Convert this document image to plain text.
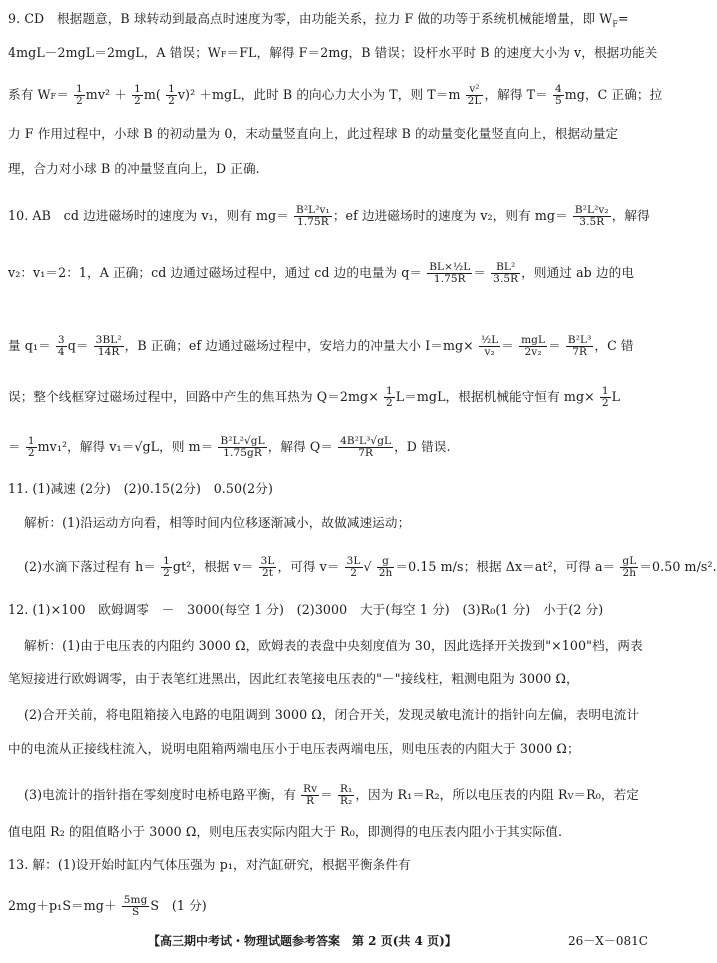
9. CD　根据题意，B 球转动到最高点时速度为零，由功能关系，拉力 F 做的功等于系统机械能增量，即 $W_F=$
4mgL－2mgL＝2mgL，A 错误；WF＝FL，解得 F＝2mg，B 错误；设杆水平时 B 的速度大小为 v，根据功能关
系有 $WF= \frac{1}{2} mv^2 + \frac{1}{2} m( \frac{1}{2} v)^2 +mgL$，此时 B 的向心力大小为 T，则 $T=m \frac{\text{v²}}{2L}$ ，解得 $T= \frac{4}{5}$ mg，C 正确；拉
力 F 作用过程中，小球 B 的初动量为 0，末动量竖直向上，此过程球 B 的动量变化量竖直向上，根据动量定
理，合力对小球 B 的冲量竖直向上，D 正确.
10. AB　cd 边进磁场时的速度为 v₁，则有 $mg= \frac{\text{B²L²v₁}}{1.75R}$ ；ef 边进磁场时的速度为 v₂，则有 $mg= \frac{\text{B²L²v₂}}{3.5R}$ ，解得
v₂：v₁＝2：1，A 正确；cd 边通过磁场过程中，通过 cd 边的电量为 $q= \frac{\text{BL×½L}}{1.75R} = \frac{\text{BL²}}{3.5R}$ ，则通过 ab 边的电
量 $q_1= \frac{3}{4} q= \frac{\text{3BL²}}{14R}$ ，B 正确；ef 边通过磁场过程中，安培力的冲量大小 $I=mg\times \frac{\text{½L}}{\text{v₂}} = \frac{\text{mgL}}{\text{2v₂}} = \frac{\text{B²L³}}{7R}$ ，C 错
误；整个线框穿过磁场过程中，回路中产生的焦耳热为 $Q=2mg\times \frac{1}{2} L=mgL$，根据机械能守恒有 $mg\times \frac{1}{2}$ L
＝ $\frac{1}{2} mv_1^2$，解得 v₁＝√gL，则 $m= \frac{\text{B²L²√gL}}{1.75gR}$ ，解得 $Q= \frac{\text{4B²L³√gL}}{7R}$ ，D 错误.
11. (1)减速 (2分)　(2)0.15(2分)　0.50(2分)
解析：(1)沿运动方向看，相等时间内位移逐渐减小，故做减速运动；
(2)水滴下落过程有 $h= \frac{1}{2} gt^2$，根据 $v= \frac{3L}{2t}$ ，可得 $v= \frac{3L}{2}$ √ $\frac{g}{2h} =0.15$ m/s；根据 Δx＝at²，可得 $a= \frac{gL}{2h} =0.50$ m/s².
12. (1)×100　欧姆调零　－　3000(每空 1 分)　(2)3000　大于(每空 1 分)　(3)R₀(1 分)　小于(2 分)
解析：(1)由于电压表的内阻约 3000 Ω，欧姆表的表盘中央刻度值为 30，因此选择开关拨到"×100"档，两表
笔短接进行欧姆调零，由于表笔红进黑出，因此红表笔接电压表的"－"接线柱，粗测电阻为 3000 Ω，
(2)合开关前，将电阻箱接入电路的电阻调到 3000 Ω，闭合开关，发现灵敏电流计的指针向左偏，表明电流计
中的电流从正接线柱流入，说明电阻箱两端电压小于电压表两端电压，则电压表的内阻大于 3000 Ω；
(3)电流计的指针指在零刻度时电桥电路平衡，有 $\frac{Rv}{R} = \frac{\text{R₁}}{\text{R₂}}$ ，因为 R₁＝R₂，所以电压表的内阻 RV＝R₀，若定
值电阻 R₂ 的阻值略小于 3000 Ω，则电压表实际内阻大于 R₀，即测得的电压表内阻小于其实际值.
13. 解：(1)设开始时缸内气体压强为 p₁，对汽缸研究，根据平衡条件有
$2mg+p_1S=mg+ \frac{5mg}{S}$ S　(1 分)
【高三期中考试・物理试题参考答案　第 2 页(共 4 页)】	26－X－081C
